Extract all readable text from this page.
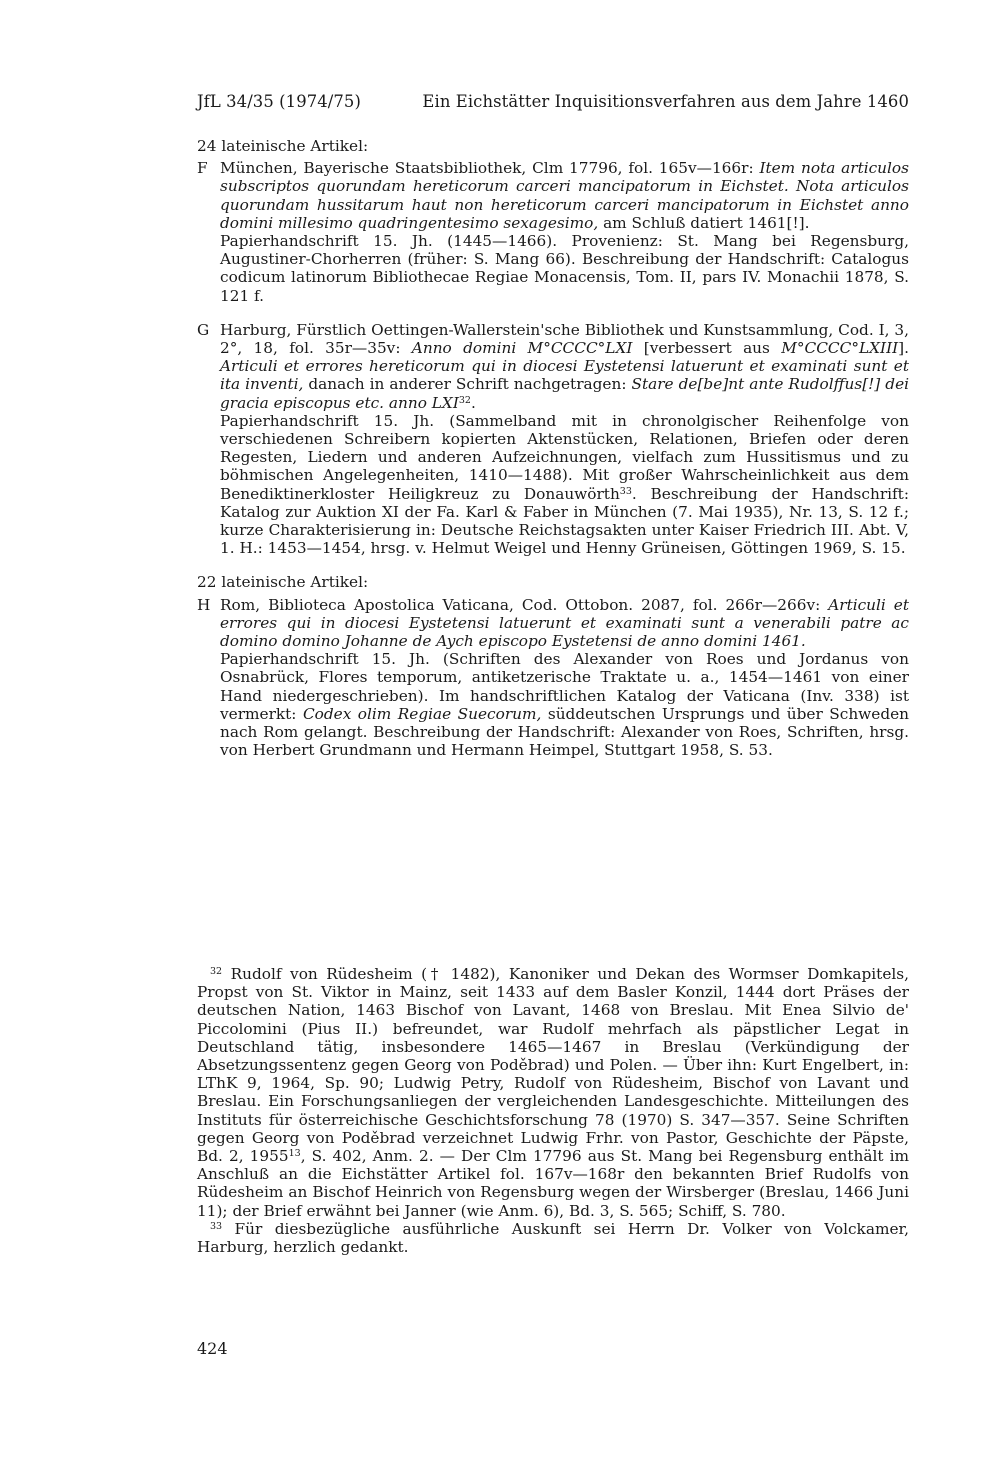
JfL 34/35 (1974/75)	Ein Eichstätter Inquisitionsverfahren aus dem Jahre 1460

24 lateinische Artikel:

F München, Bayerische Staatsbibliothek, Clm 17796, fol. 165v—166r: Item nota articulos subscriptos quorundam hereticorum carceri mancipatorum in Eichstet. Nota articulos quorundam hussitarum haut non hereticorum carceri mancipatorum in Eichstet anno domini millesimo quadringentesimo sexagesimo, am Schluß datiert 1461[!].

Papierhandschrift 15. Jh. (1445—1466). Provenienz: St. Mang bei Regensburg, Augustiner-Chorherren (früher: S. Mang 66). Beschreibung der Handschrift: Catalogus codicum latinorum Bibliothecae Regiae Monacensis, Tom. II, pars IV. Monachii 1878, S. 121 f.

G Harburg, Fürstlich Oettingen-Wallerstein'sche Bibliothek und Kunstsammlung, Cod. I, 3, 2°, 18, fol. 35r—35v: Anno domini M°CCCC°LXI [verbessert aus M°CCCC°LXIII]. Articuli et errores hereticorum qui in diocesi Eystetensi latuerunt et examinati sunt et ita inventi, danach in anderer Schrift nachgetragen: Stare de[be]nt ante Rudolffus[!] dei gracia episcopus etc. anno LXI$^{32}$.

Papierhandschrift 15. Jh. (Sammelband mit in chronolgischer Reihenfolge von verschiedenen Schreibern kopierten Aktenstücken, Relationen, Briefen oder deren Regesten, Liedern und anderen Aufzeichnungen, vielfach zum Hussitismus und zu böhmischen Angelegenheiten, 1410—1488). Mit großer Wahrscheinlichkeit aus dem Benediktinerkloster Heiligkreuz zu Donauwörth$^{33}$. Beschreibung der Handschrift: Katalog zur Auktion XI der Fa. Karl & Faber in München (7. Mai 1935), Nr. 13, S. 12 f.; kurze Charakterisierung in: Deutsche Reichstagsakten unter Kaiser Friedrich III. Abt. V, 1. H.: 1453—1454, hrsg. v. Helmut Weigel und Henny Grüneisen, Göttingen 1969, S. 15.

22 lateinische Artikel:

H Rom, Biblioteca Apostolica Vaticana, Cod. Ottobon. 2087, fol. 266r—266v: Articuli et errores qui in diocesi Eystetensi latuerunt et examinati sunt a venerabili patre ac domino domino Johanne de Aych episcopo Eystetensi de anno domini 1461.

Papierhandschrift 15. Jh. (Schriften des Alexander von Roes und Jordanus von Osnabrück, Flores temporum, antiketzerische Traktate u. a., 1454—1461 von einer Hand niedergeschrieben). Im handschriftlichen Katalog der Vaticana (Inv. 338) ist vermerkt: Codex olim Regiae Suecorum, süddeutschen Ursprungs und über Schweden nach Rom gelangt. Beschreibung der Handschrift: Alexander von Roes, Schriften, hrsg. von Herbert Grundmann und Hermann Heimpel, Stuttgart 1958, S. 53.

$^{32}$ Rudolf von Rüdesheim († 1482), Kanoniker und Dekan des Wormser Domkapitels, Propst von St. Viktor in Mainz, seit 1433 auf dem Basler Konzil, 1444 dort Präses der deutschen Nation, 1463 Bischof von Lavant, 1468 von Breslau. Mit Enea Silvio de' Piccolomini (Pius II.) befreundet, war Rudolf mehrfach als päpstlicher Legat in Deutschland tätig, insbesondere 1465—1467 in Breslau (Verkündigung der Absetzungssentenz gegen Georg von Poděbrad) und Polen. — Über ihn: Kurt Engelbert, in: LThK 9, 1964, Sp. 90; Ludwig Petry, Rudolf von Rüdesheim, Bischof von Lavant und Breslau. Ein Forschungsanliegen der vergleichenden Landesgeschichte. Mitteilungen des Instituts für österreichische Geschichtsforschung 78 (1970) S. 347—357. Seine Schriften gegen Georg von Poděbrad verzeichnet Ludwig Frhr. von Pastor, Geschichte der Päpste, Bd. 2, 1955$^{13}$, S. 402, Anm. 2. — Der Clm 17796 aus St. Mang bei Regensburg enthält im Anschluß an die Eichstätter Artikel fol. 167v—168r den bekannten Brief Rudolfs von Rüdesheim an Bischof Heinrich von Regensburg wegen der Wirsberger (Breslau, 1466 Juni 11); der Brief erwähnt bei Janner (wie Anm. 6), Bd. 3, S. 565; Schiff, S. 780.

$^{33}$ Für diesbezügliche ausführliche Auskunft sei Herrn Dr. Volker von Volckamer, Harburg, herzlich gedankt.

424
